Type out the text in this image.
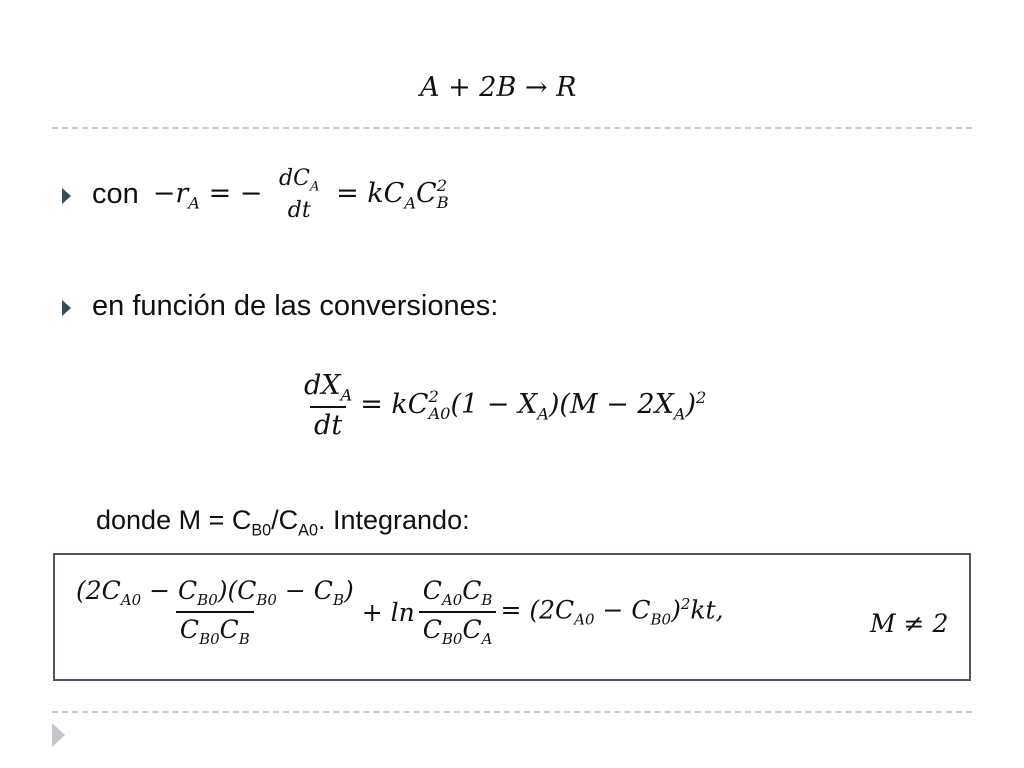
A + 2B → R
con $-r_A$ = − $dC_A$
dt
= $kC_AC$ 2
B
en función de las conversiones:
$\frac{dX_A}{dt}$ = kC 2
A0 $(1 - X_A)(M - 2X_A)^2$
donde $M = C_{B0}/C_{A0}$. Integrando:
$\frac{(2C_{A0} - C_{B0})(C_{B0} - C_B)}{C_{B0}C_B} + \ln \frac{C_{A0}C_B}{C_{B0}C_A} = (2C_{A0} - C_{B0})^2kt$,	M ≠ 2
